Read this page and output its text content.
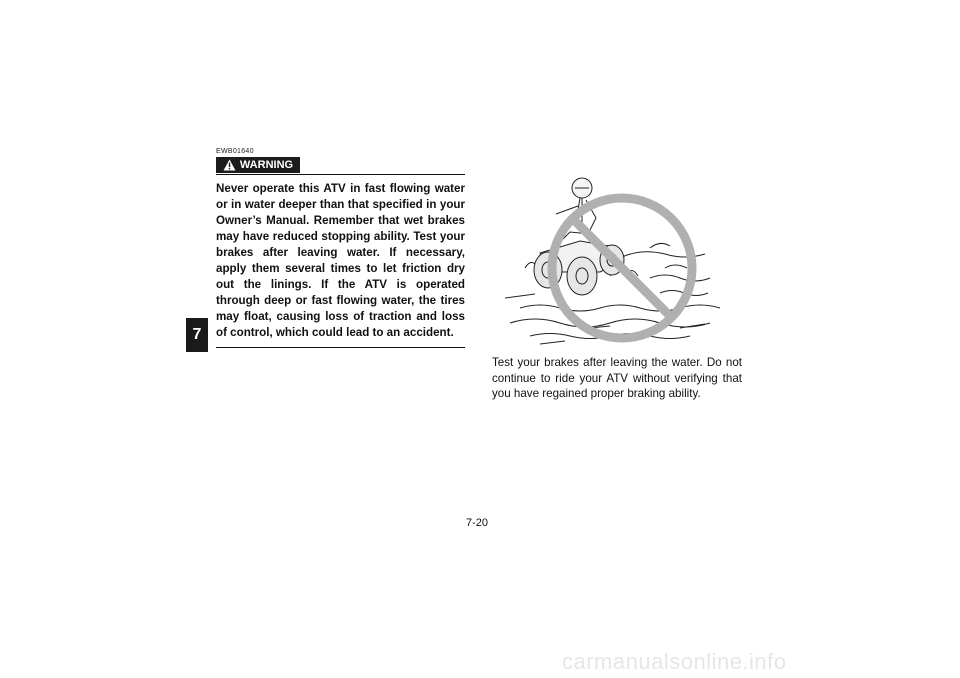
7
EWB01640
WARNING

Never operate this ATV in fast flowing water or in water deeper than that specified in your Owner’s Manual. Remember that wet brakes may have reduced stopping ability. Test your brakes after leaving water. If necessary, apply them several times to let friction dry out the linings. If the ATV is operated through deep or fast flowing water, the tires may float, causing loss of traction and loss of control, which could lead to an accident.

Test your brakes after leaving the water. Do not continue to ride your ATV without verifying that you have regained proper braking ability.
7-20
carmanualsonline.info
